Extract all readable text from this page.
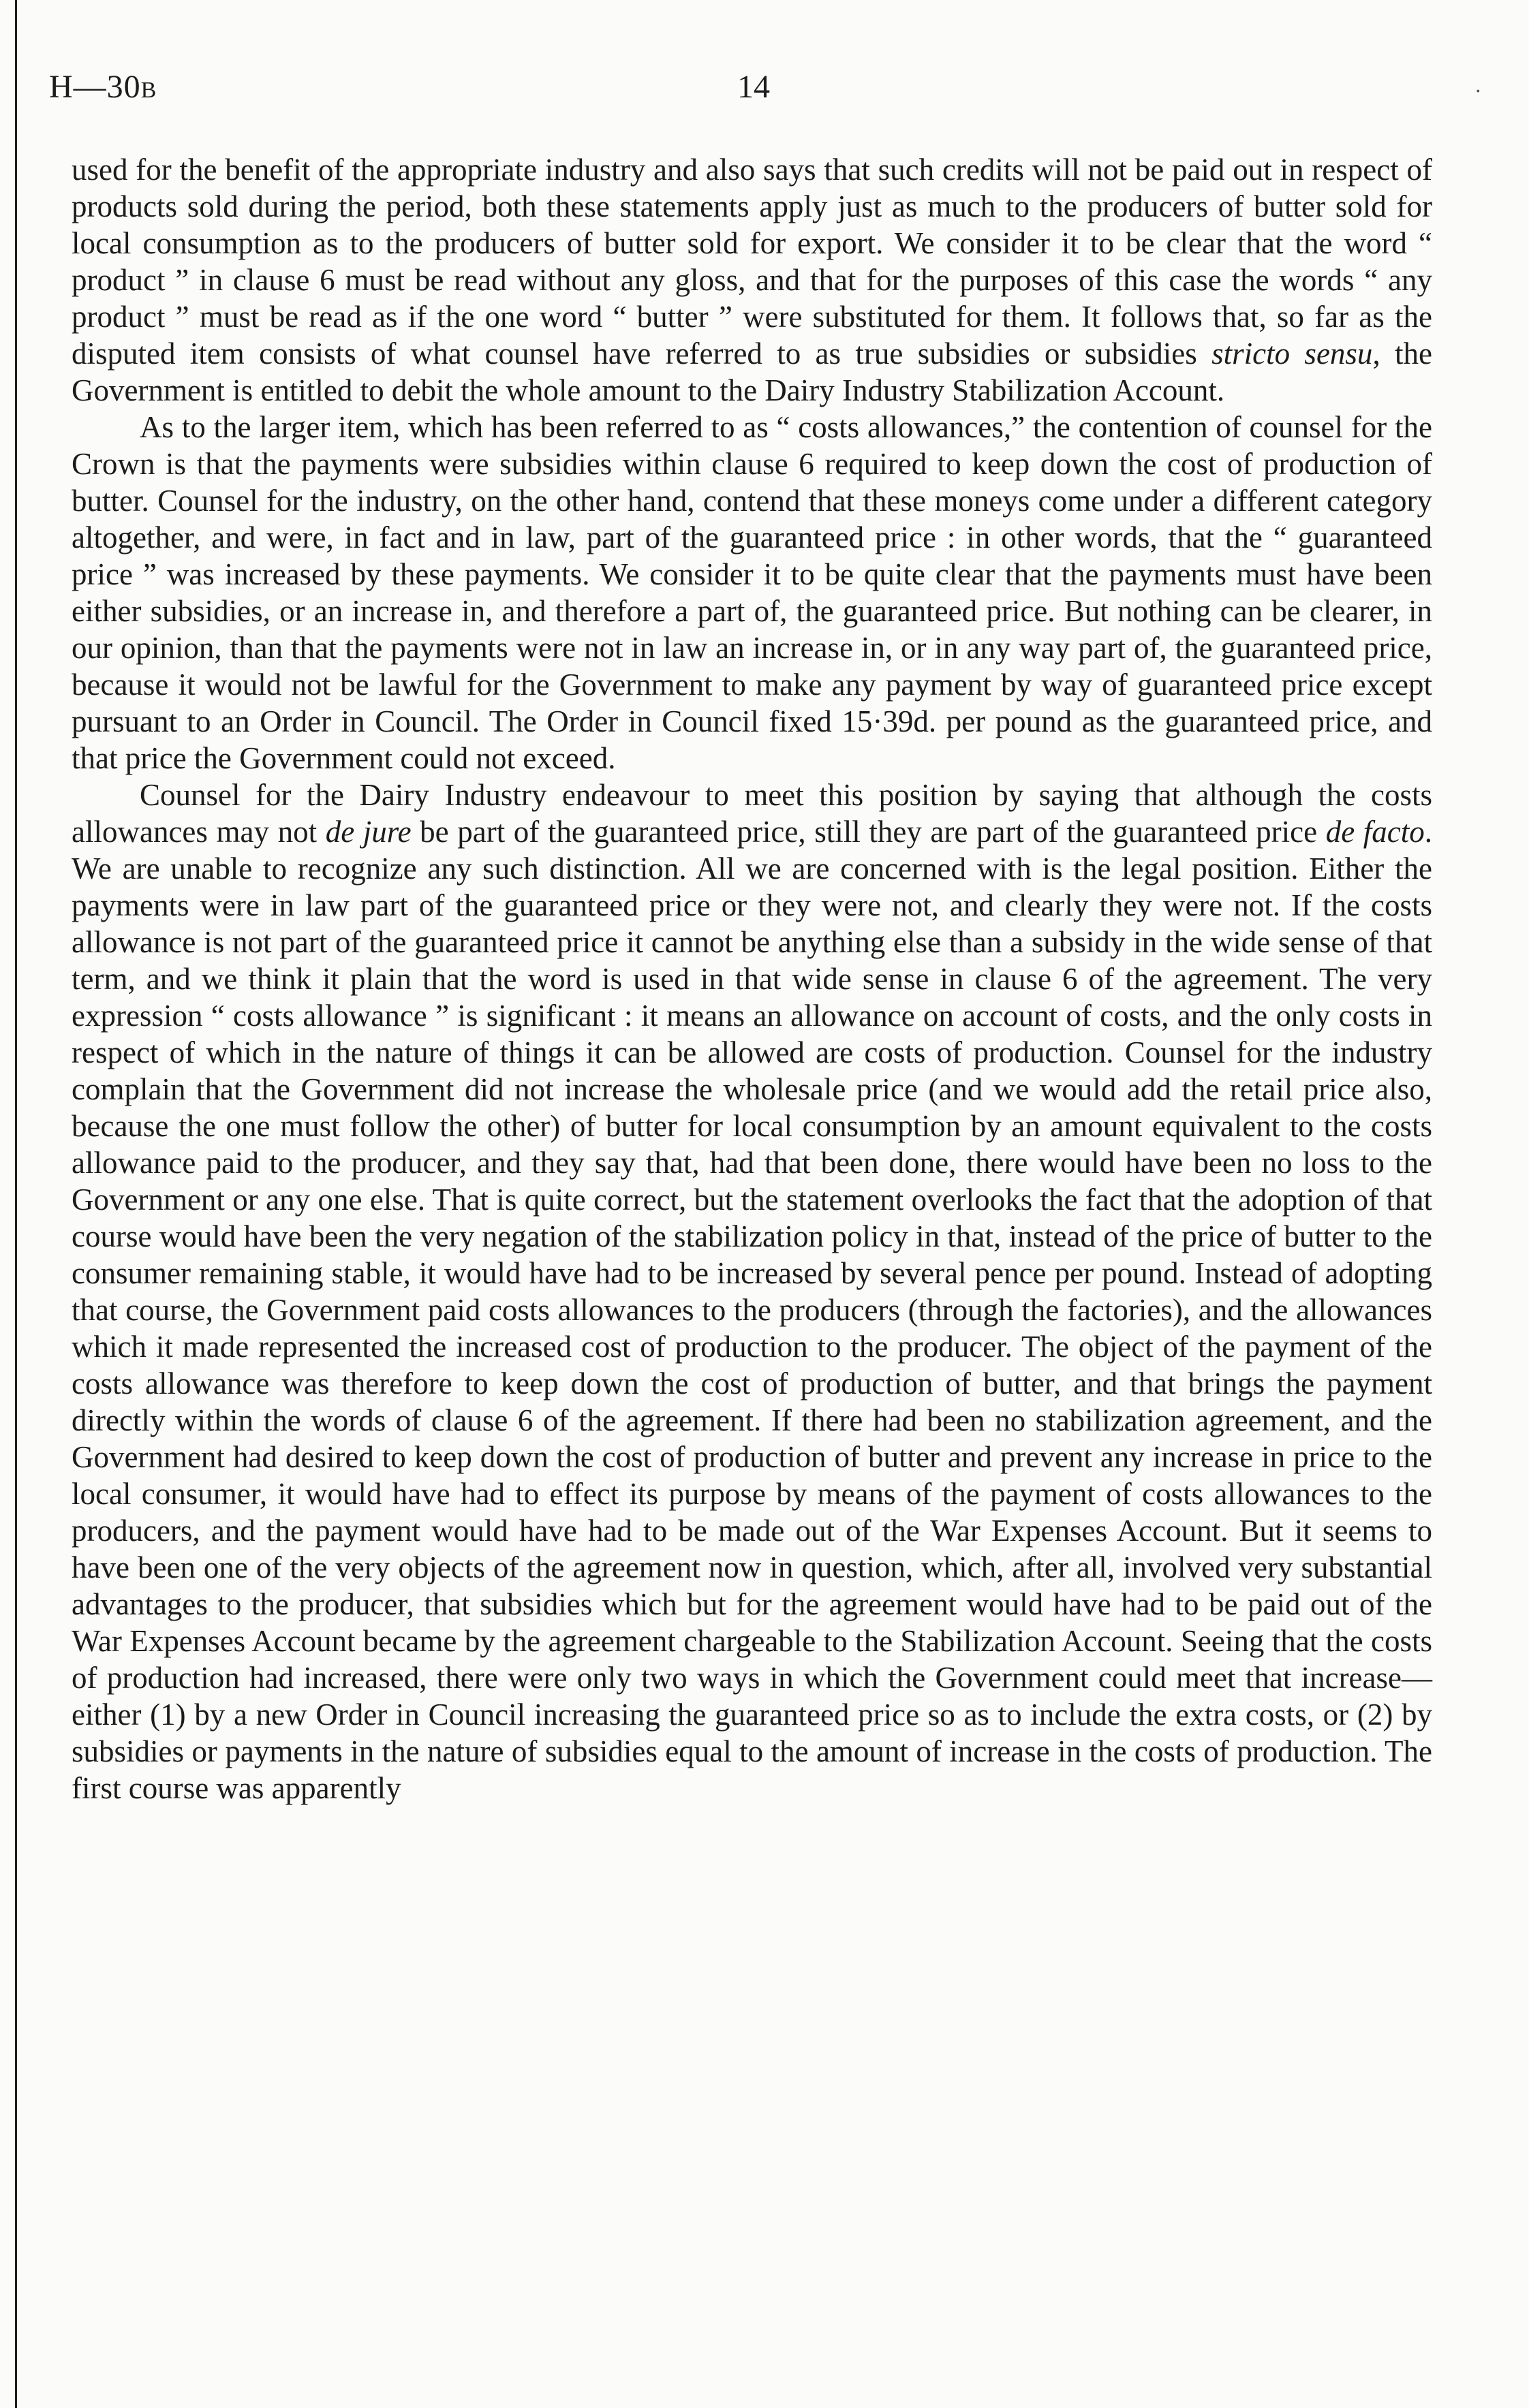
H—30B	14	.

used for the benefit of the appropriate industry and also says that such credits will not be paid out in respect of products sold during the period, both these statements apply just as much to the producers of butter sold for local consumption as to the producers of butter sold for export. We consider it to be clear that the word “ product ” in clause 6 must be read without any gloss, and that for the purposes of this case the words “ any product ” must be read as if the one word “ butter ” were substituted for them. It follows that, so far as the disputed item consists of what counsel have referred to as true subsidies or subsidies stricto sensu, the Government is entitled to debit the whole amount to the Dairy Industry Stabilization Account.

As to the larger item, which has been referred to as “ costs allowances,” the contention of counsel for the Crown is that the payments were subsidies within clause 6 required to keep down the cost of production of butter. Counsel for the industry, on the other hand, contend that these moneys come under a different category altogether, and were, in fact and in law, part of the guaranteed price : in other words, that the “ guaranteed price ” was increased by these payments. We consider it to be quite clear that the payments must have been either subsidies, or an increase in, and therefore a part of, the guaranteed price. But nothing can be clearer, in our opinion, than that the payments were not in law an increase in, or in any way part of, the guaranteed price, because it would not be lawful for the Government to make any payment by way of guaranteed price except pursuant to an Order in Council. The Order in Council fixed 15·39d. per pound as the guaranteed price, and that price the Government could not exceed.

Counsel for the Dairy Industry endeavour to meet this position by saying that although the costs allowances may not de jure be part of the guaranteed price, still they are part of the guaranteed price de facto. We are unable to recognize any such distinction. All we are concerned with is the legal position. Either the payments were in law part of the guaranteed price or they were not, and clearly they were not. If the costs allowance is not part of the guaranteed price it cannot be anything else than a subsidy in the wide sense of that term, and we think it plain that the word is used in that wide sense in clause 6 of the agreement. The very expression “ costs allowance ” is significant : it means an allowance on account of costs, and the only costs in respect of which in the nature of things it can be allowed are costs of production. Counsel for the industry complain that the Government did not increase the wholesale price (and we would add the retail price also, because the one must follow the other) of butter for local consumption by an amount equivalent to the costs allowance paid to the producer, and they say that, had that been done, there would have been no loss to the Government or any one else. That is quite correct, but the statement overlooks the fact that the adoption of that course would have been the very negation of the stabilization policy in that, instead of the price of butter to the consumer remaining stable, it would have had to be increased by several pence per pound. Instead of adopting that course, the Government paid costs allowances to the producers (through the factories), and the allowances which it made represented the increased cost of production to the producer. The object of the payment of the costs allowance was therefore to keep down the cost of production of butter, and that brings the payment directly within the words of clause 6 of the agreement. If there had been no stabilization agreement, and the Government had desired to keep down the cost of production of butter and prevent any increase in price to the local consumer, it would have had to effect its purpose by means of the payment of costs allowances to the producers, and the payment would have had to be made out of the War Expenses Account. But it seems to have been one of the very objects of the agreement now in question, which, after all, involved very substantial advantages to the producer, that subsidies which but for the agreement would have had to be paid out of the War Expenses Account became by the agreement chargeable to the Stabilization Account. Seeing that the costs of production had increased, there were only two ways in which the Government could meet that increase—either (1) by a new Order in Council increasing the guaranteed price so as to include the extra costs, or (2) by subsidies or payments in the nature of subsidies equal to the amount of increase in the costs of production. The first course was apparently
